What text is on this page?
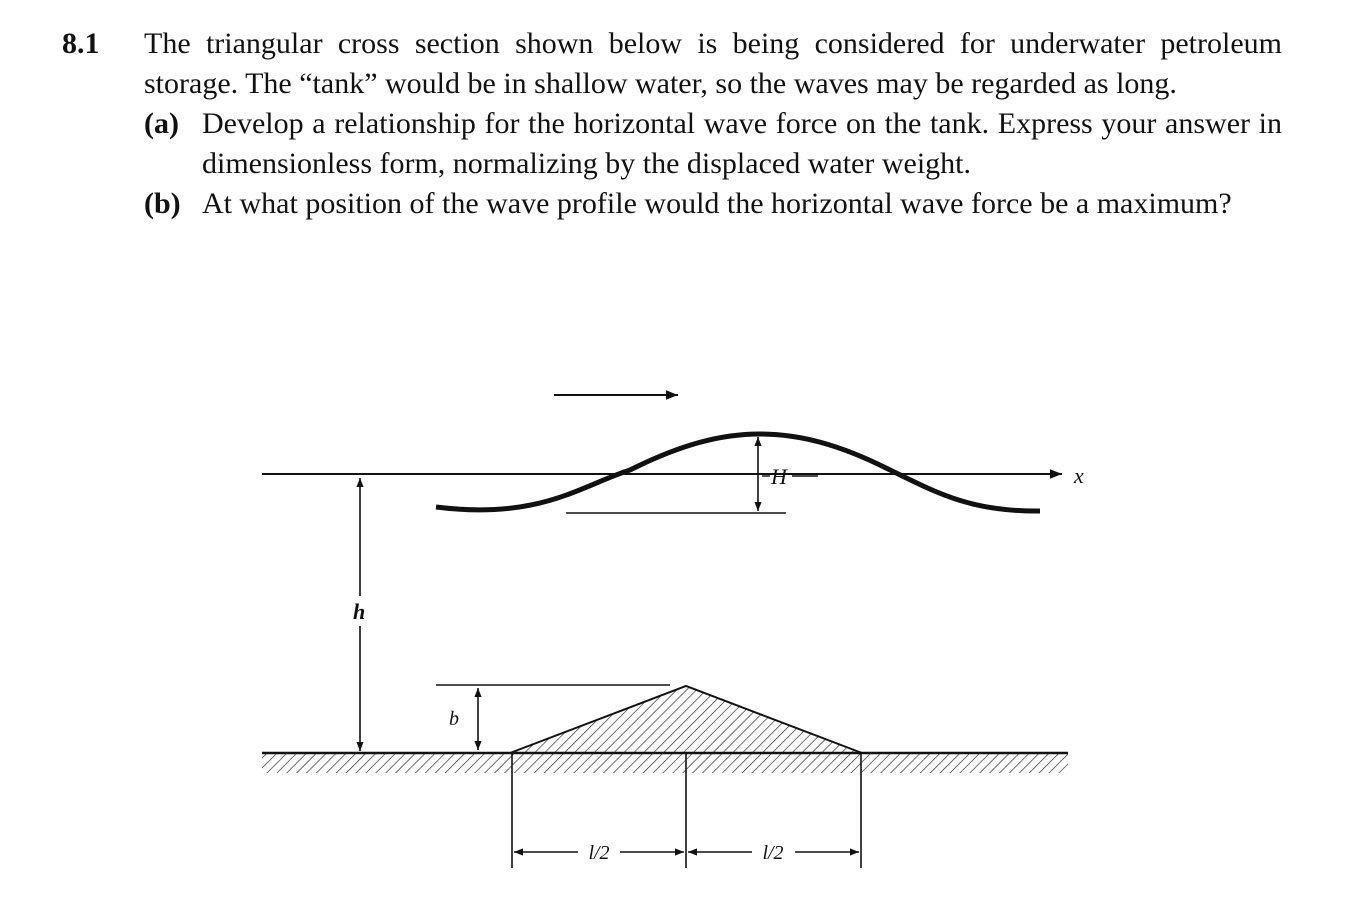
8.1 The triangular cross section shown below is being considered for underwater petroleum storage. The “tank” would be in shallow water, so the waves may be regarded as long.
(a) Develop a relationship for the horizontal wave force on the tank. Express your answer in dimensionless form, normalizing by the displaced water weight.
(b) At what position of the wave profile would the horizontal wave force be a maximum?
x
H
h
b
l/2	l/2
